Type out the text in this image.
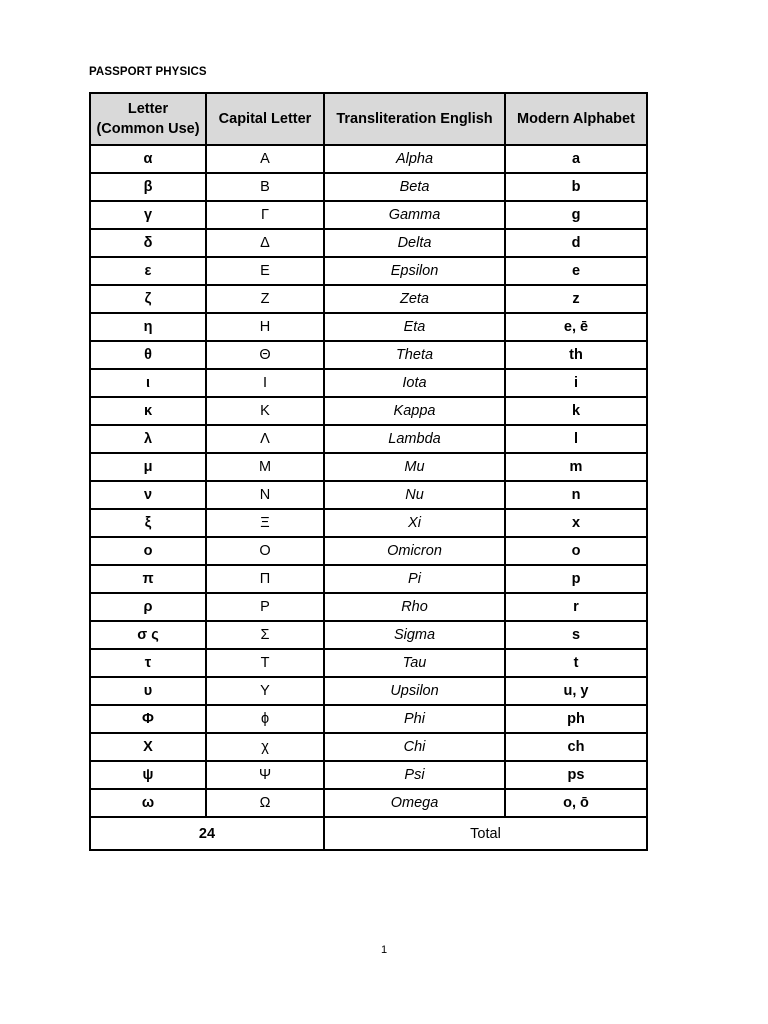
PASSPORT PHYSICS
Letter
(Common Use)	Capital Letter	Transliteration English	Modern Alphabet
α	Α	Alpha	a
β	Β	Beta	b
γ	Γ	Gamma	g
δ	Δ	Delta	d
ε	Ε	Epsilon	e
ζ	Ζ	Zeta	z
η	Η	Eta	e, ē
θ	Θ	Theta	th
ι	Ι	Iota	i
κ	Κ	Kappa	k
λ	Λ	Lambda	l
μ	Μ	Mu	m
ν	Ν	Nu	n
ξ	Ξ	Xi	x
ο	Ο	Omicron	o
π	Π	Pi	p
ρ	Ρ	Rho	r
σ ς	Σ	Sigma	s
τ	Τ	Tau	t
υ	Υ	Upsilon	u, y
Φ	ϕ	Phi	ph
Χ	χ	Chi	ch
ψ	Ψ	Psi	ps
ω	Ω	Omega	o, ō
24		Total	
1
